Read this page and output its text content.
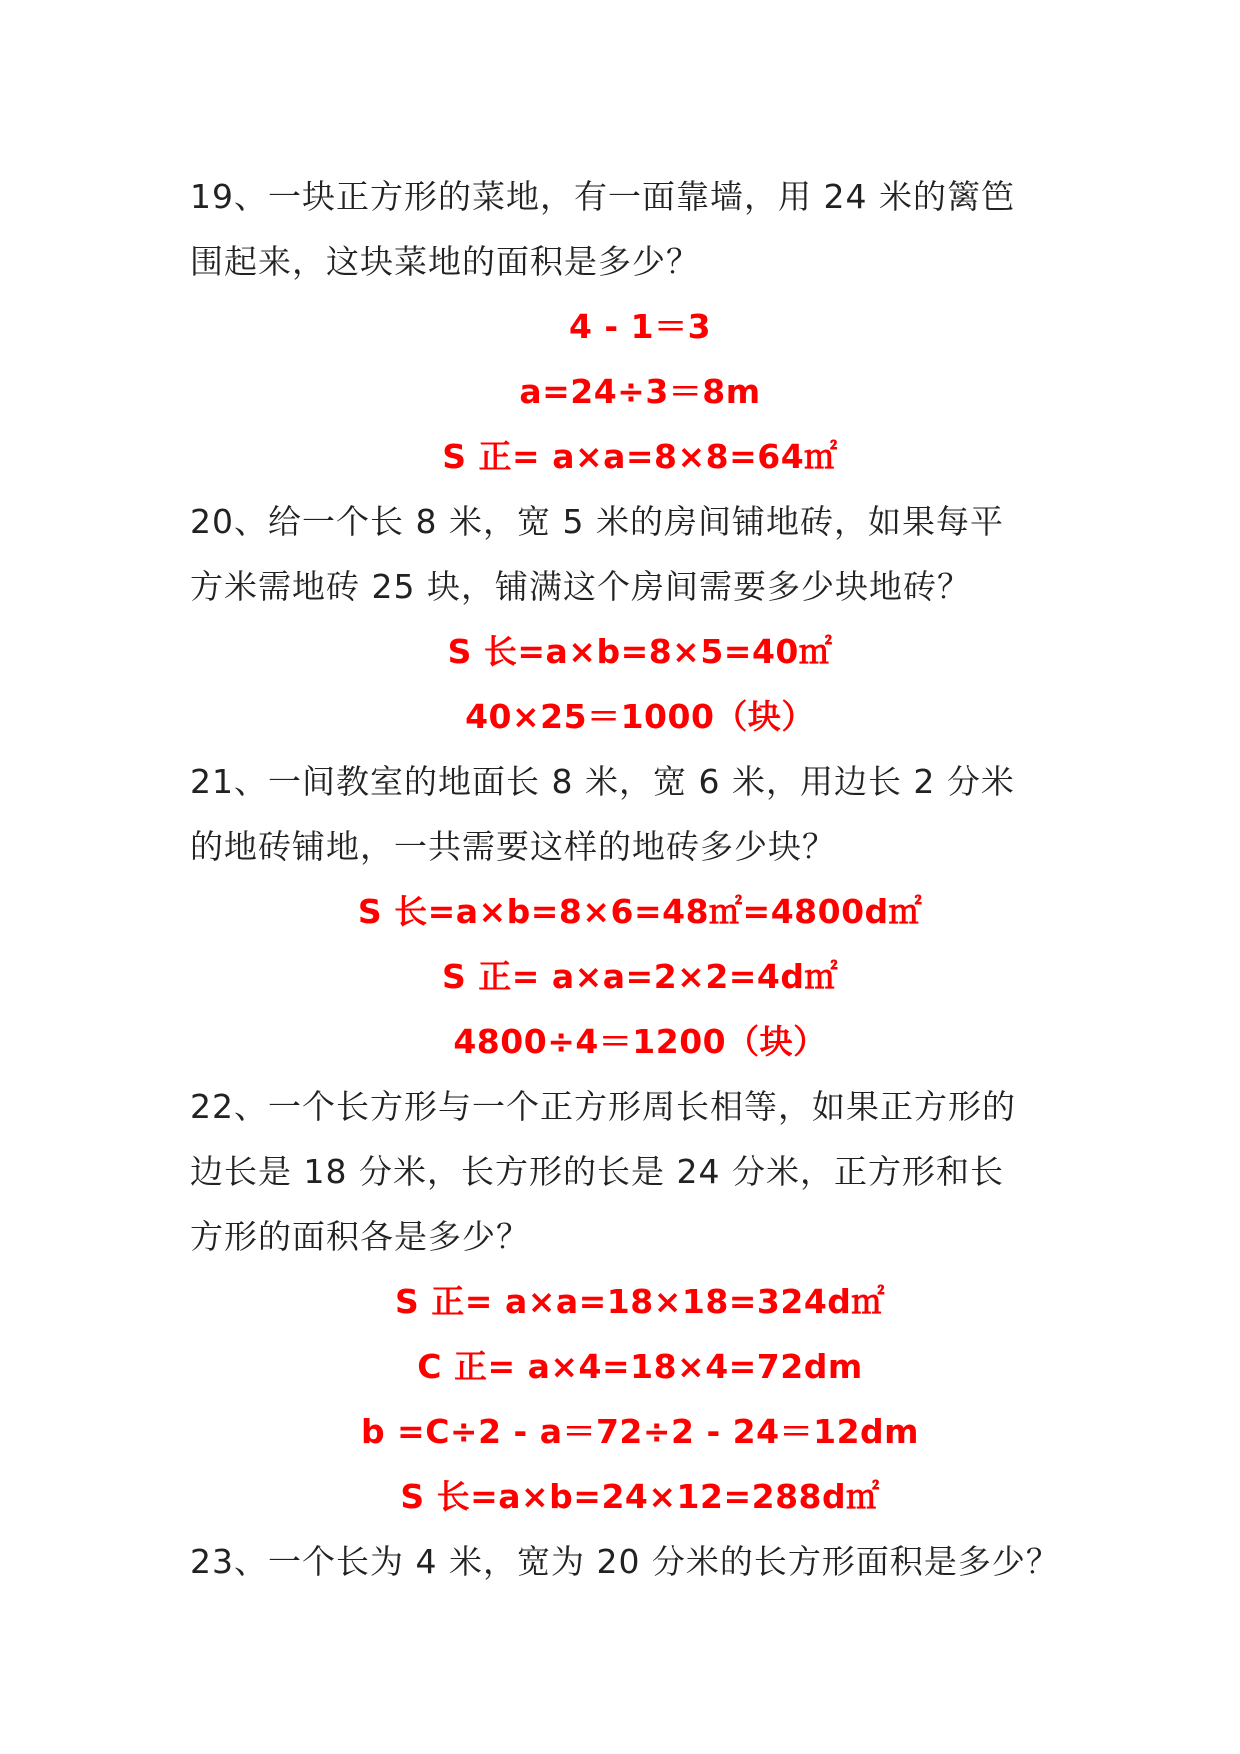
19、一块正方形的菜地，有一面靠墙，用 24 米的篱笆
围起来，这块菜地的面积是多少？
4 - 1＝3
a=24÷3＝8m
S 正= a×a=8×8=64㎡
20、给一个长 8 米，宽 5 米的房间铺地砖，如果每平
方米需地砖 25 块，铺满这个房间需要多少块地砖？
S 长=a×b=8×5=40㎡
40×25＝1000（块）
21、一间教室的地面长 8 米，宽 6 米，用边长 2 分米
的地砖铺地，一共需要这样的地砖多少块？
S 长=a×b=8×6=48㎡=4800d㎡
S 正= a×a=2×2=4d㎡
4800÷4＝1200（块）
22、一个长方形与一个正方形周长相等，如果正方形的
边长是 18 分米，长方形的长是 24 分米，正方形和长
方形的面积各是多少？
S 正= a×a=18×18=324d㎡
C 正= a×4=18×4=72dm
b =C÷2 - a＝72÷2 - 24＝12dm
S 长=a×b=24×12=288d㎡
23、一个长为 4 米，宽为 20 分米的长方形面积是多少？
